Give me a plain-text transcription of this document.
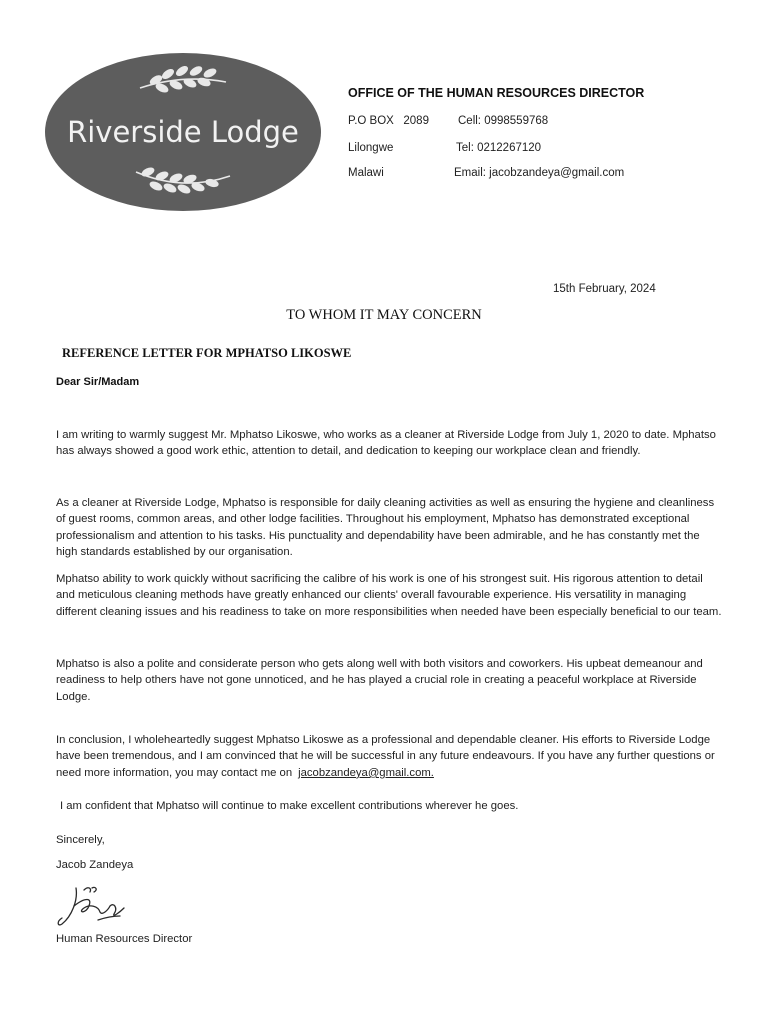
Riverside Lodge
OFFICE OF THE HUMAN RESOURCES DIRECTOR
P.O BOX   2089	Cell: 0998559768
Lilongwe	Tel: 0212267120
Malawi	Email: jacobzandeya@gmail.com
15th February, 2024
TO WHOM IT MAY CONCERN
REFERENCE LETTER FOR MPHATSO LIKOSWE
Dear Sir/Madam
I am writing to warmly suggest Mr. Mphatso Likoswe, who works as a cleaner at Riverside Lodge from July 1, 2020 to date. Mphatso has always showed a good work ethic, attention to detail, and dedication to keeping our workplace clean and friendly.
As a cleaner at Riverside Lodge, Mphatso is responsible for daily cleaning activities as well as ensuring the hygiene and cleanliness of guest rooms, common areas, and other lodge facilities. Throughout his employment, Mphatso has demonstrated exceptional professionalism and attention to his tasks. His punctuality and dependability have been admirable, and he has constantly met the high standards established by our organisation.
Mphatso ability to work quickly without sacrificing the calibre of his work is one of his strongest suit. His rigorous attention to detail and meticulous cleaning methods have greatly enhanced our clients' overall favourable experience. His versatility in managing different cleaning issues and his readiness to take on more responsibilities when needed have been especially beneficial to our team.
Mphatso is also a polite and considerate person who gets along well with both visitors and coworkers. His upbeat demeanour and readiness to help others have not gone unnoticed, and he has played a crucial role in creating a peaceful workplace at Riverside Lodge.
In conclusion, I wholeheartedly suggest Mphatso Likoswe as a professional and dependable cleaner. His efforts to Riverside Lodge have been tremendous, and I am convinced that he will be successful in any future endeavours. If you have any further questions or need more information, you may contact me on jacobzandeya@gmail.com.
I am confident that Mphatso will continue to make excellent contributions wherever he goes.
Sincerely,
Jacob Zandeya
Human Resources Director
